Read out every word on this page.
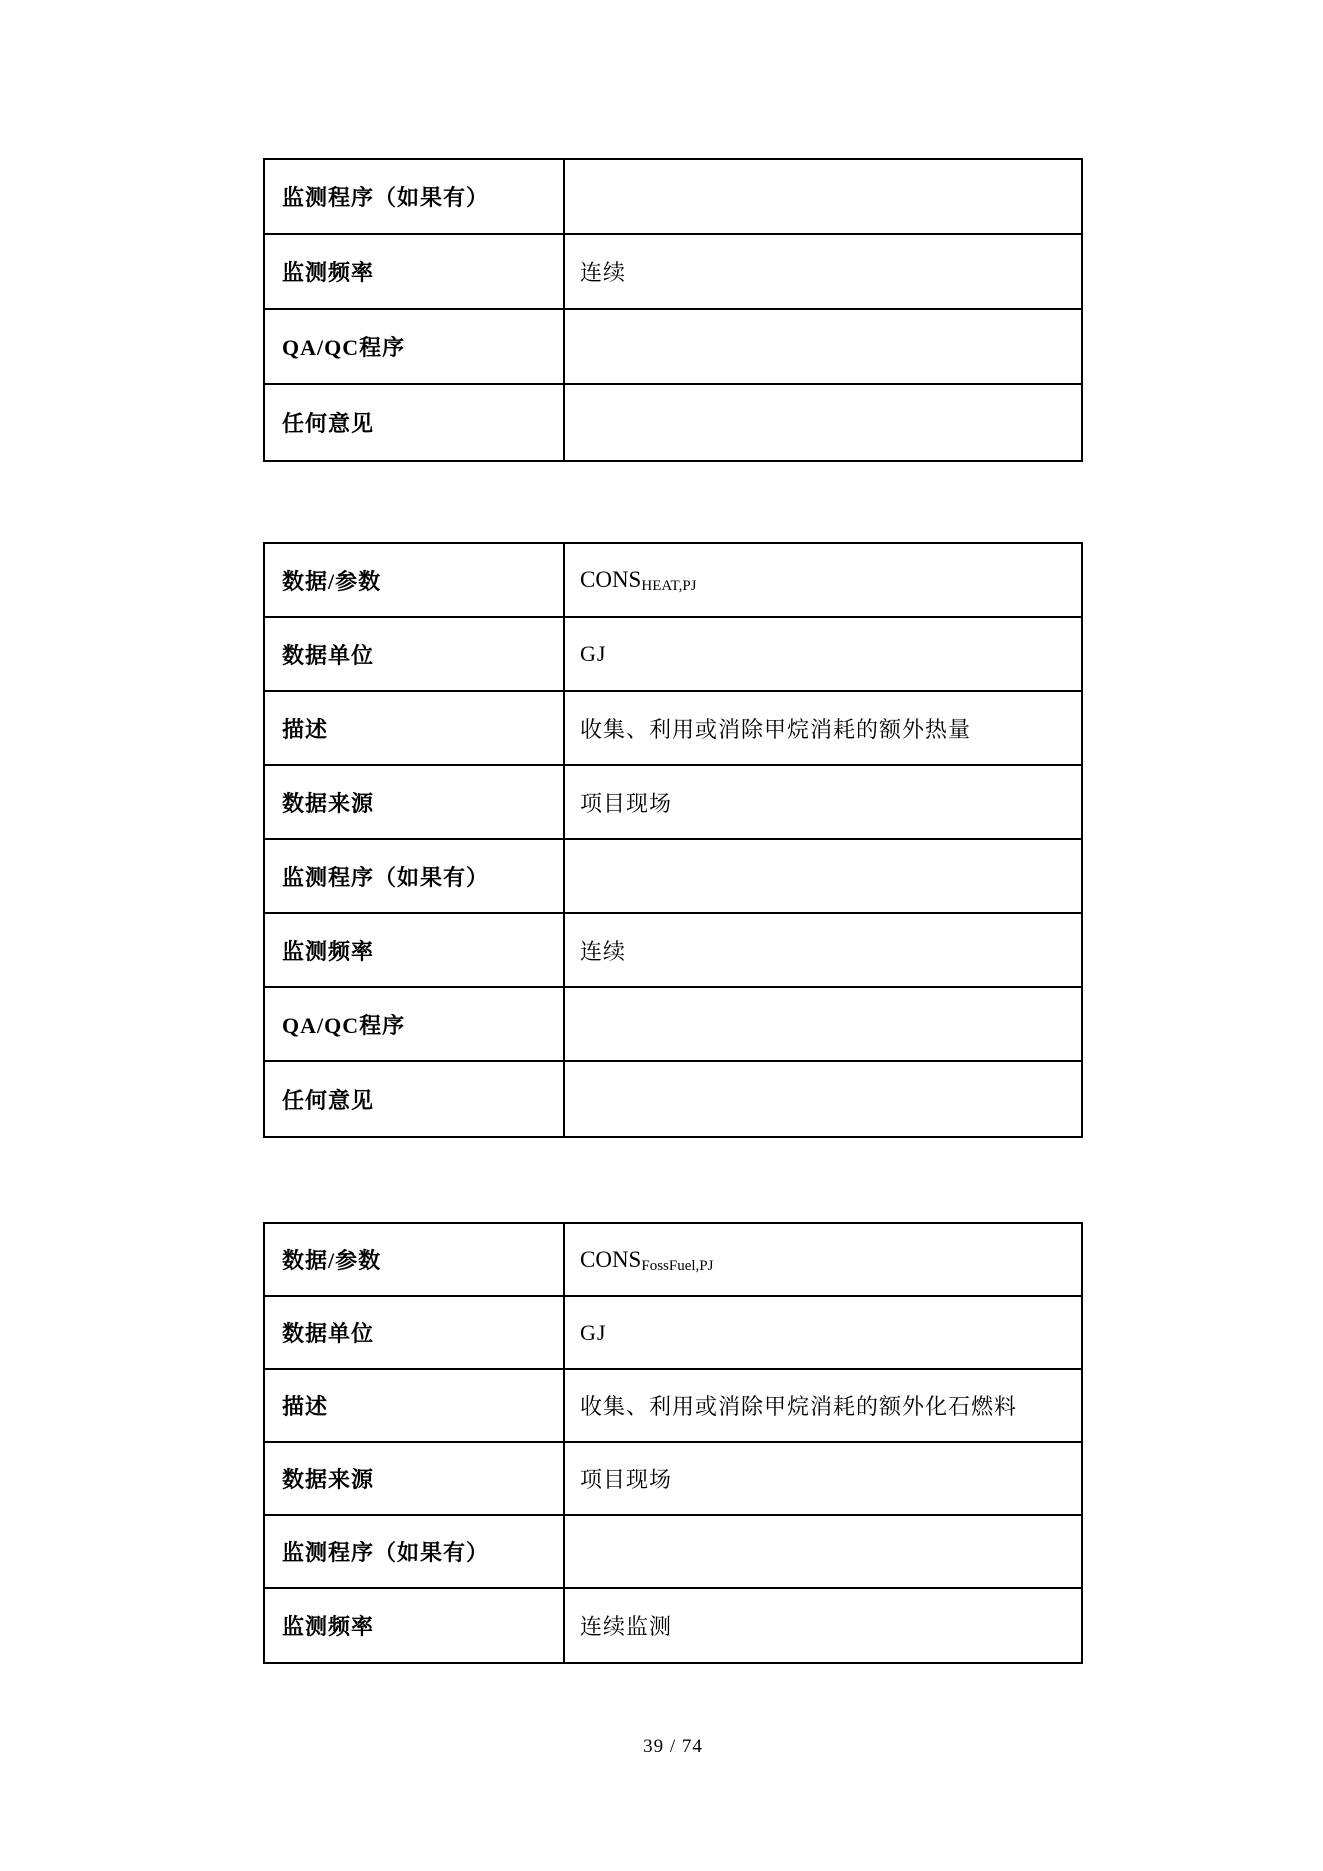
监测程序（如果有）
监测频率	连续
QA/QC程序
任何意见
数据/参数	$CONS_{HEAT,PJ}$
数据单位	GJ
描述	收集、利用或消除甲烷消耗的额外热量
数据来源	项目现场
监测程序（如果有）
监测频率	连续
QA/QC程序
任何意见
数据/参数	$CONS_{FossFuel,PJ}$
数据单位	GJ
描述	收集、利用或消除甲烷消耗的额外化石燃料
数据来源	项目现场
监测程序（如果有）
监测频率	连续监测
39 / 74
